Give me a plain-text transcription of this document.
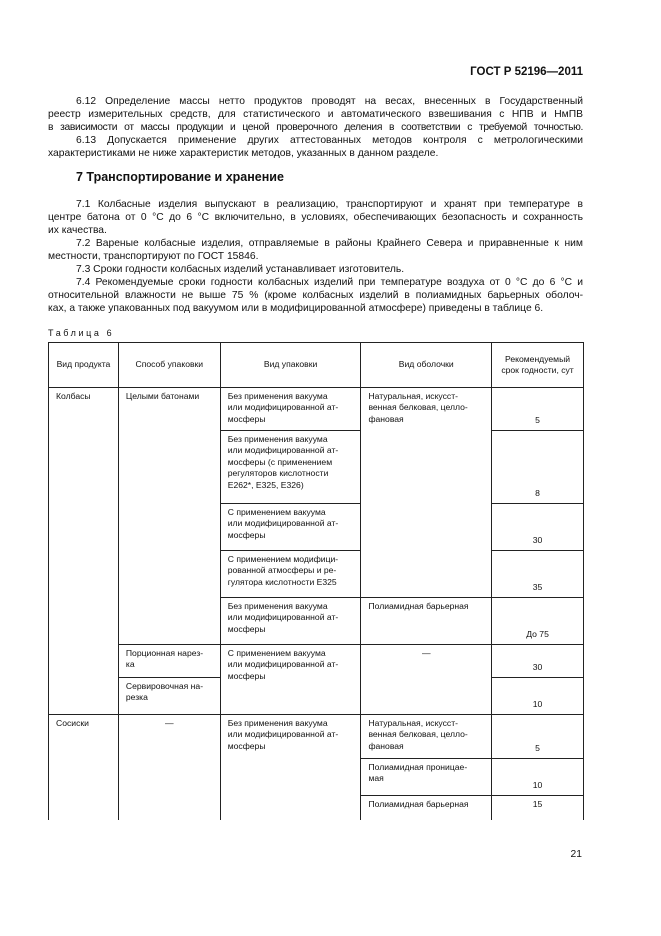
ГОСТ Р 52196—2011
6.12 Определение массы нетто продуктов проводят на весах, внесенных в Государственный
реестр измерительных средств, для статистического и автоматического взвешивания с НПВ и НмПВ
в зависимости от массы продукции и ценой проверочного деления в соответствии с требуемой точностью.
6.13 Допускается применение других аттестованных методов контроля с метрологическими
характеристиками не ниже характеристик методов, указанных в данном разделе.
7 Транспортирование и хранение
7.1 Колбасные изделия выпускают в реализацию, транспортируют и хранят при температуре в
центре батона от 0 °С до 6 °С включительно, в условиях, обеспечивающих безопасность и сохранность
их качества.
7.2 Вареные колбасные изделия, отправляемые в районы Крайнего Севера и приравненные к ним
местности, транспортируют по ГОСТ 15846.
7.3 Сроки годности колбасных изделий устанавливает изготовитель.
7.4 Рекомендуемые сроки годности колбасных изделий при температуре воздуха от 0 °С до 6 °С и
относительной влажности не выше 75 % (кроме колбасных изделий в полиамидных барьерных оболоч-
ках, а также упакованных под вакуумом или в модифицированной атмосфере) приведены в таблице 6.
Таблица 6
Вид продукта	Способ упаковки	Вид упаковки	Вид оболочки	Рекомендуемый срок годности, сут
Колбасы	Целыми батонами	Без применения вакуума
или модифицированной ат-
мосферы	Натуральная, искусст-
венная белковая, целло-
фановая	5
		Без применения вакуума
или модифицированной ат-
мосферы (с применением
регуляторов кислотности
Е262*, Е325, Е326)		8
		С применением вакуума
или модифицированной ат-
мосферы		30
		С применением модифици-
рованной атмосферы и ре-
гулятора кислотности Е325		35
		Без применения вакуума
или модифицированной ат-
мосферы	Полиамидная барьерная	До 75
	Порционная нарез-
ка	С применением вакуума
или модифицированной ат-
мосферы	—	30
	Сервировочная на-
резка			10
Сосиски	—	Без применения вакуума
или модифицированной ат-
мосферы	Натуральная, искусст-
венная белковая, целло-
фановая	5
			Полиамидная проницае-
мая	10
			Полиамидная барьерная	15
21
